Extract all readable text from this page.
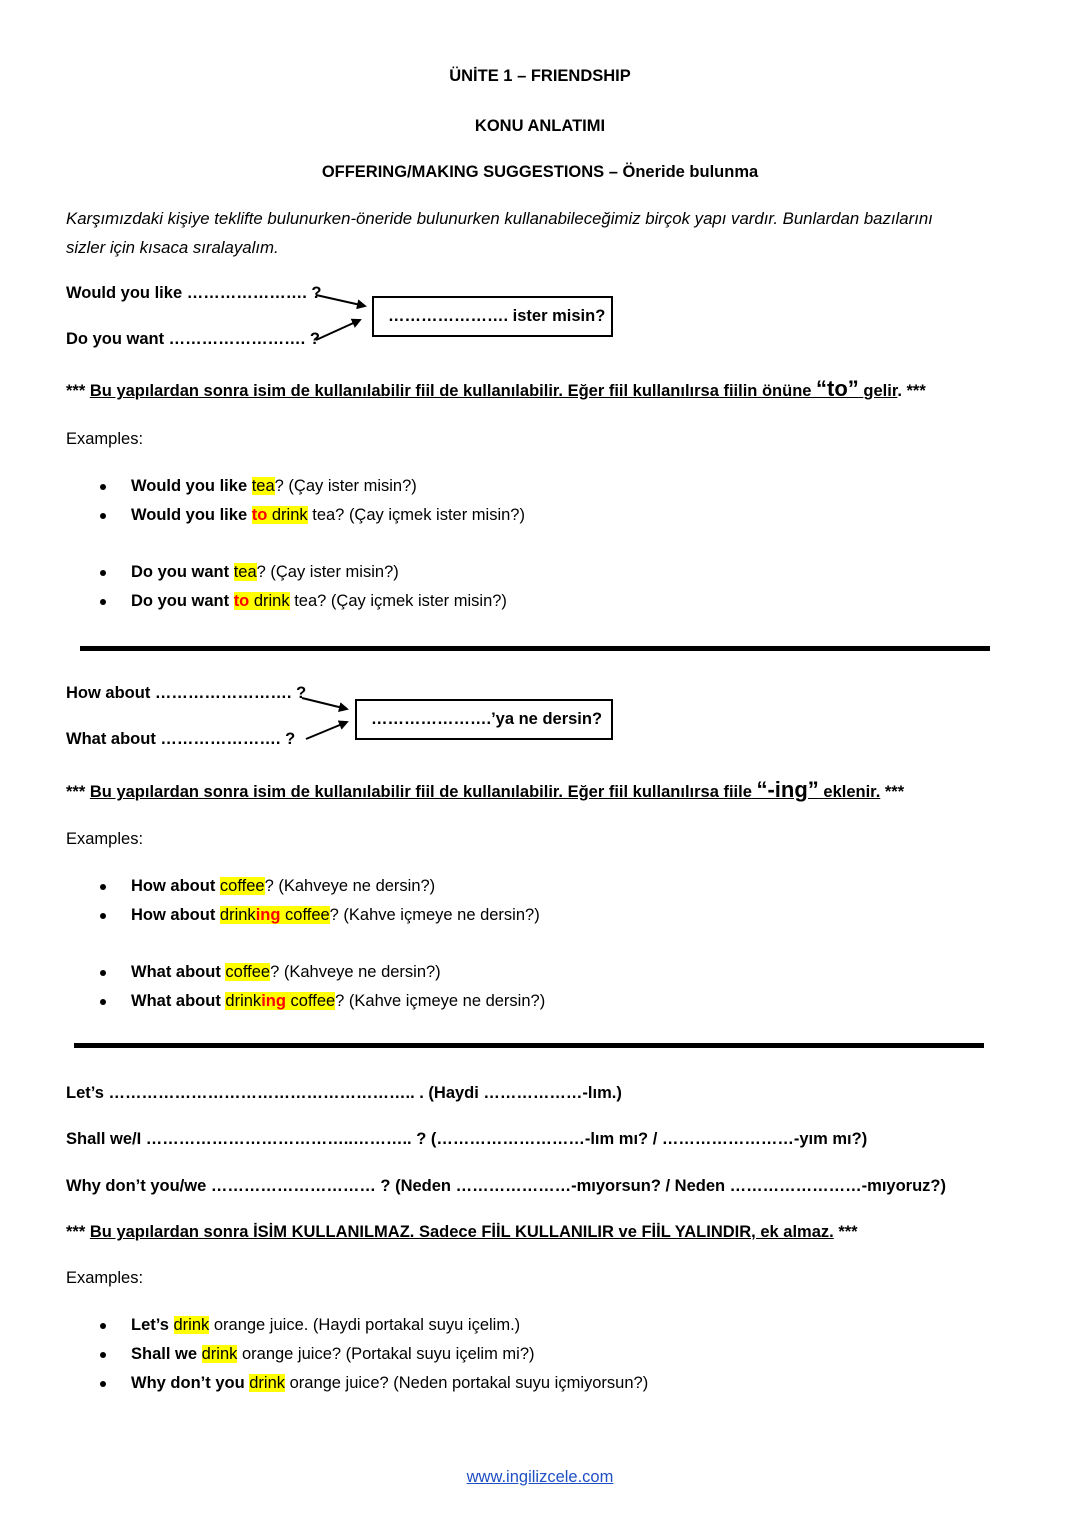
ÜNİTE 1 – FRIENDSHIP
KONU ANLATIMI
OFFERING/MAKING SUGGESTIONS – Öneride bulunma
Karşımızdaki kişiye teklifte bulunurken-öneride bulunurken kullanabileceğimiz birçok yapı vardır. Bunlardan bazılarını
sizler için kısaca sıralayalım.
Would you like …………………. ?
Do you want ……………………. ?
…………………. ister misin?
*** Bu yapılardan sonra isim de kullanılabilir fiil de kullanılabilir. Eğer fiil kullanılırsa fiilin önüne “to” gelir. ***
Examples:
Would you like tea? (Çay ister misin?)
Would you like to drink tea? (Çay içmek ister misin?)
Do you want tea? (Çay ister misin?)
Do you want to drink tea? (Çay içmek ister misin?)
How about ……………………. ?
What about …………………. ?
………………….’ya ne dersin?
*** Bu yapılardan sonra isim de kullanılabilir fiil de kullanılabilir. Eğer fiil kullanılırsa fiile “-ing” eklenir. ***
Examples:
How about coffee? (Kahveye ne dersin?)
How about drinking coffee? (Kahve içmeye ne dersin?)
What about coffee? (Kahveye ne dersin?)
What about drinking coffee? (Kahve içmeye ne dersin?)
Let’s ……………………………………………….. . (Haydi ………………-lım.)
Shall we/I ………………………………..……….. ? (………………………-lım mı? / ……………………-yım mı?)
Why don’t you/we ………………………… ? (Neden …………………-mıyorsun? / Neden ……………………-mıyoruz?)
*** Bu yapılardan sonra İSİM KULLANILMAZ. Sadece FİİL KULLANILIR ve FİİL YALINDIR, ek almaz. ***
Examples:
Let’s drink orange juice. (Haydi portakal suyu içelim.)
Shall we drink orange juice? (Portakal suyu içelim mi?)
Why don’t you drink orange juice? (Neden portakal suyu içmiyorsun?)
www.ingilizcele.com
